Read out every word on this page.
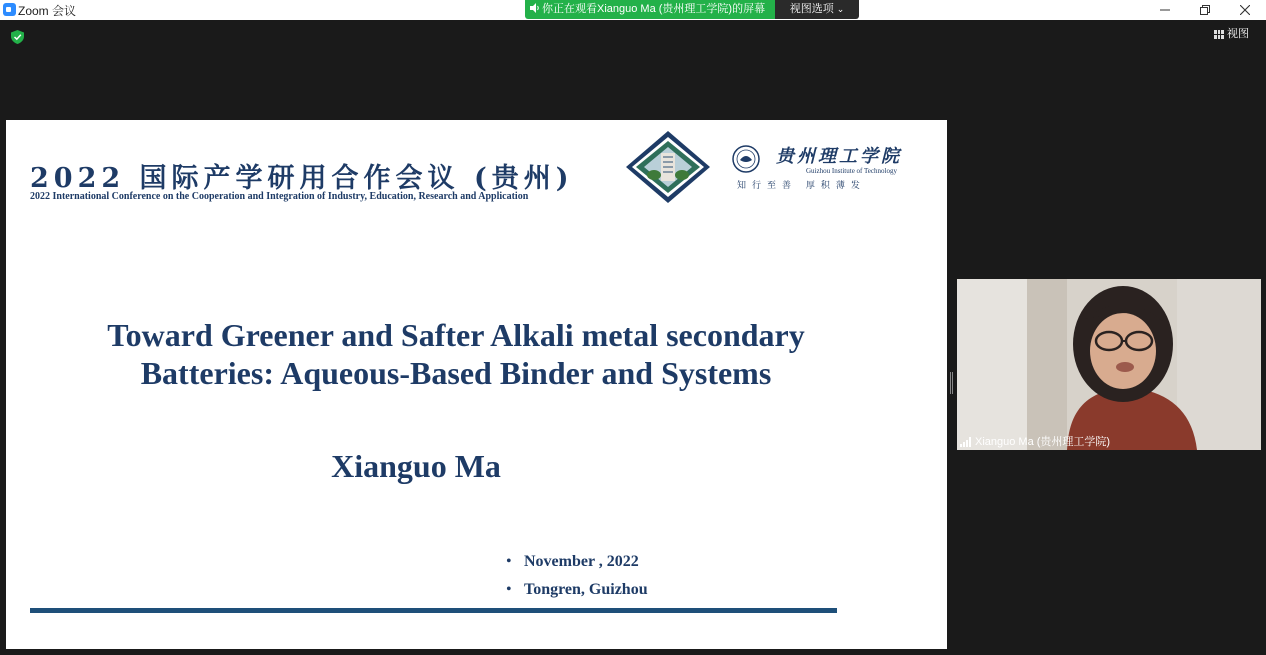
Zoom 会议	你正在观看Xianguo Ma (贵州理工学院)的屏幕	视图选项 ⌄
视图
2022 国际产学研用合作会议 (贵州)
2022 International Conference on the Cooperation and Integration of Industry, Education, Research and Application
贵州理工学院
Guizhou Institute of Technology
知行至善 厚积薄发
Toward Greener and Safter Alkali metal secondary
Batteries: Aqueous-Based Binder and Systems
Xianguo Ma
• November , 2022
• Tongren, Guizhou
Xianguo Ma (贵州理工学院)
